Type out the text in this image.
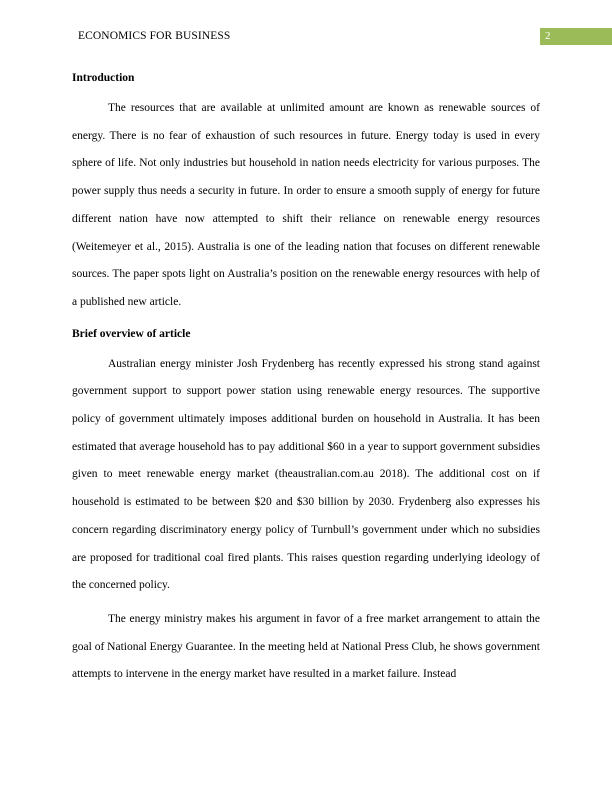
ECONOMICS FOR BUSINESS	2
Introduction

The resources that are available at unlimited amount are known as renewable sources of energy. There is no fear of exhaustion of such resources in future. Energy today is used in every sphere of life. Not only industries but household in nation needs electricity for various purposes. The power supply thus needs a security in future. In order to ensure a smooth supply of energy for future different nation have now attempted to shift their reliance on renewable energy resources (Weitemeyer et al., 2015). Australia is one of the leading nation that focuses on different renewable sources. The paper spots light on Australia’s position on the renewable energy resources with help of a published new article.

Brief overview of article

Australian energy minister Josh Frydenberg has recently expressed his strong stand against government support to support power station using renewable energy resources. The supportive policy of government ultimately imposes additional burden on household in Australia. It has been estimated that average household has to pay additional $60 in a year to support government subsidies given to meet renewable energy market (theaustralian.com.au 2018). The additional cost on if household is estimated to be between $20 and $30 billion by 2030. Frydenberg also expresses his concern regarding discriminatory energy policy of Turnbull’s government under which no subsidies are proposed for traditional coal fired plants. This raises question regarding underlying ideology of the concerned policy.

The energy ministry makes his argument in favor of a free market arrangement to attain the goal of National Energy Guarantee. In the meeting held at National Press Club, he shows government attempts to intervene in the energy market have resulted in a market failure. Instead
